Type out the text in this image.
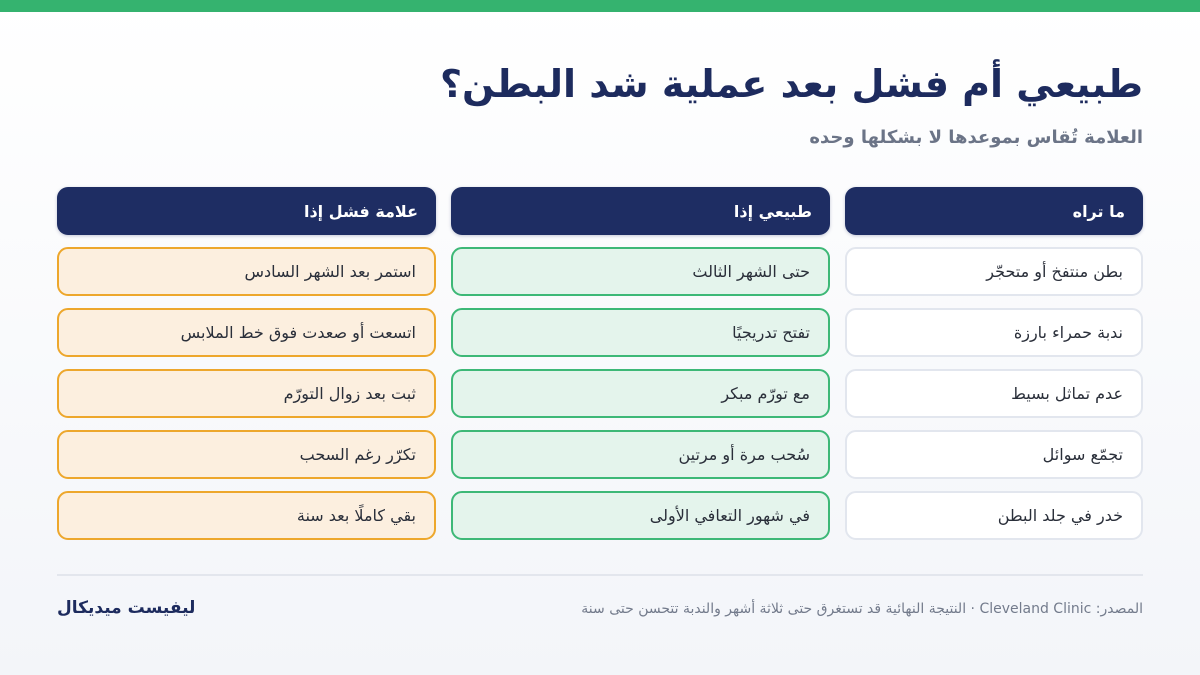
طبيعي أم فشل بعد عملية شد البطن؟
العلامة تُقاس بموعدها لا بشكلها وحده
ما تراه
طبيعي إذا
علامة فشل إذا
بطن منتفخ أو متحجّر
حتى الشهر الثالث
استمر بعد الشهر السادس
ندبة حمراء بارزة
تفتح تدريجيًا
اتسعت أو صعدت فوق خط الملابس
عدم تماثل بسيط
مع تورّم مبكر
ثبت بعد زوال التورّم
تجمّع سوائل
سُحب مرة أو مرتين
تكرّر رغم السحب
خدر في جلد البطن
في شهور التعافي الأولى
بقي كاملًا بعد سنة
المصدر: Cleveland Clinic · النتيجة النهائية قد تستغرق حتى ثلاثة أشهر والندبة تتحسن حتى سنة
ليفيست ميديكال
